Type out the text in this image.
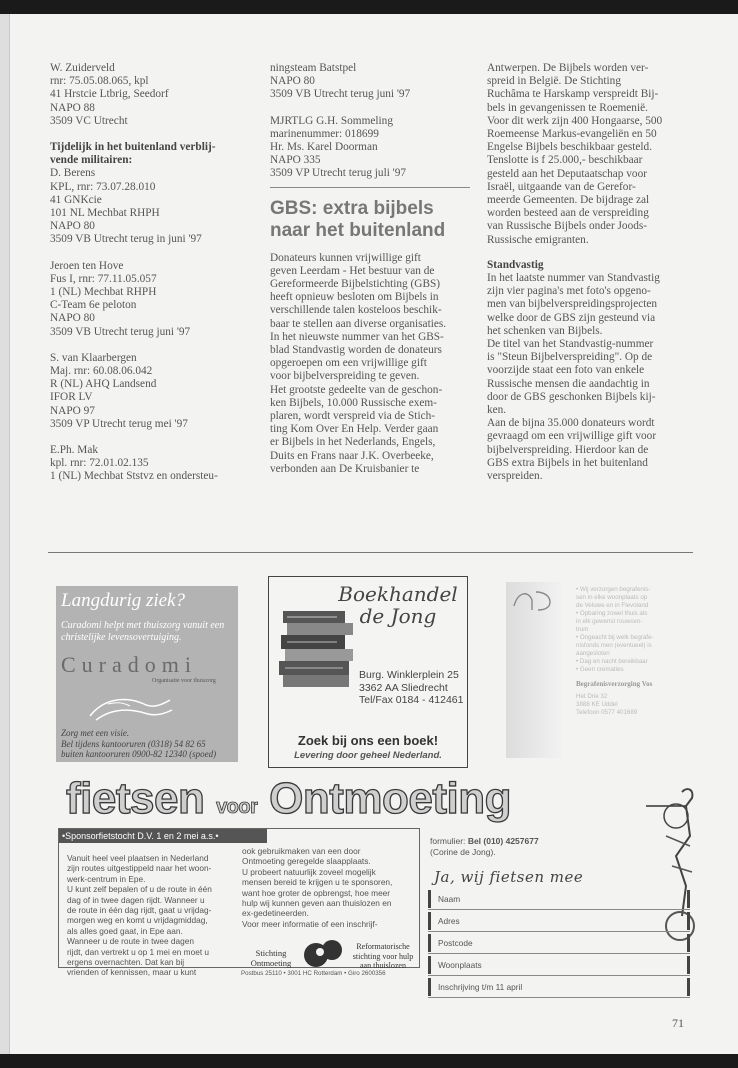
W. Zuiderveld
rnr: 75.05.08.065, kpl
41 Hrstcie Ltbrig, Seedorf
NAPO 88
3509 VC Utrecht
Tijdelijk in het buitenland verblij-
vende militairen:
D. Berens
KPL, rnr: 73.07.28.010
41 GNKcie
101 NL Mechbat RHPH
NAPO 80
3509 VB Utrecht terug in juni '97
Jeroen ten Hove
Fus I, rnr: 77.11.05.057
1 (NL) Mechbat RHPH
C-Team 6e peloton
NAPO 80
3509 VB Utrecht terug juni '97
S. van Klaarbergen
Maj. rnr: 60.08.06.042
R (NL) AHQ Landsend
IFOR LV
NAPO 97
3509 VP Utrecht terug mei '97
E.Ph. Mak
kpl. rnr: 72.01.02.135
1 (NL) Mechbat Ststvz en ondersteu-
ningsteam Batstpel
NAPO 80
3509 VB Utrecht terug juni '97
MJRTLG G.H. Sommeling
marinenummer: 018699
Hr. Ms. Karel Doorman
NAPO 335
3509 VP Utrecht terug juli '97
GBS: extra bijbels
naar het buitenland
Donateurs kunnen vrijwillige gift
geven Leerdam - Het bestuur van de
Gereformeerde Bijbelstichting (GBS)
heeft opnieuw besloten om Bijbels in
verschillende talen kosteloos beschik-
baar te stellen aan diverse organisaties.
In het nieuwste nummer van het GBS-
blad Standvastig worden de donateurs
opgeroepen om een vrijwillige gift
voor bijbelverspreiding te geven.
Het grootste gedeelte van de geschon-
ken Bijbels, 10.000 Russische exem-
plaren, wordt verspreid via de Stich-
ting Kom Over En Help. Verder gaan
er Bijbels in het Nederlands, Engels,
Duits en Frans naar J.K. Overbeeke,
verbonden aan De Kruisbanier te
Antwerpen. De Bijbels worden ver-
spreid in België. De Stichting
Ruchâma te Harskamp verspreidt Bij-
bels in gevangenissen te Roemenië.
Voor dit werk zijn 400 Hongaarse, 500
Roemeense Markus-evangeliën en 50
Engelse Bijbels beschikbaar gesteld.
Tenslotte is f 25.000,- beschikbaar
gesteld aan het Deputaatschap voor
Israël, uitgaande van de Gerefor-
meerde Gemeenten. De bijdrage zal
worden besteed aan de verspreiding
van Russische Bijbels onder Joods-
Russische emigranten.
Standvastig
In het laatste nummer van Standvastig
zijn vier pagina's met foto's opgeno-
men van bijbelverspreidingsprojecten
welke door de GBS zijn gesteund via
het schenken van Bijbels.
De titel van het Standvastig-nummer
is "Steun Bijbelverspreiding". Op de
voorzijde staat een foto van enkele
Russische mensen die aandachtig in
door de GBS geschonken Bijbels kij-
ken.
Aan de bijna 35.000 donateurs wordt
gevraagd om een vrijwillige gift voor
bijbelverspreiding. Hierdoor kan de
GBS extra Bijbels in het buitenland
verspreiden.
Langdurig ziek?
Curadomi helpt met thuiszorg vanuit een christelijke levensovertuiging.
Curadomi
Organisatie voor thuiszorg
Zorg met een visie.
Bel tijdens kantooruren (0318) 54 82 65
buiten kantooruren 0900-82 12340 (spoed)
Boekhandel
de Jong
Burg. Winklerplein 25
3362 AA Sliedrecht
Tel/Fax 0184 - 412461
Zoek bij ons een boek!
Levering door geheel Nederland.
• Wij verzorgen begrafenis-
sen in elke woonplaats op
de Veluwe en in Flevoland
• Opbaring zowel thuis als
in elk gewenst rouwcen-
trum
• Ongeacht bij welk begrafe-
nisfonds men (eventueel) is
aangesloten
• Dag en nacht bereikbaar
• Geen crematies
Begrafenisverzorging Vos
Het Drie 32
3888 KE Uddel
Telefoon 0577 401689
fietsen voor Ontmoeting
•Sponsorfietstocht D.V. 1 en 2 mei a.s.•
Vanuit heel veel plaatsen in Nederland
zijn routes uitgestippeld naar het woon-
werk-centrum in Epe.
U kunt zelf bepalen of u de route in één
dag of in twee dagen rijdt. Wanneer u
de route in één dag rijdt, gaat u vrijdag-
morgen weg en komt u vrijdagmiddag,
als alles goed gaat, in Epe aan.
Wanneer u de route in twee dagen
rijdt, dan vertrekt u op 1 mei en moet u
ergens overnachten. Dat kan bij
vrienden of kennissen, maar u kunt
ook gebruikmaken van een door
Ontmoeting geregelde slaapplaats.
U probeert natuurlijk zoveel mogelijk
mensen bereid te krijgen u te sponsoren,
want hoe groter de opbrengst, hoe meer
hulp wij kunnen geven aan thuislozen en
ex-gedetineerden.
Voor meer informatie of een inschrijf-
Stichting
Ontmoeting
Reformatorische
stichting voor hulp
aan thuislozen
Postbus 25110 • 3001 HC Rotterdam • Giro 2600356
formulier: Bel (010) 4257677
(Corine de Jong).
Ja, wij fietsen mee
Naam
Adres
Postcode
Woonplaats
Inschrijving t/m 11 april
71
